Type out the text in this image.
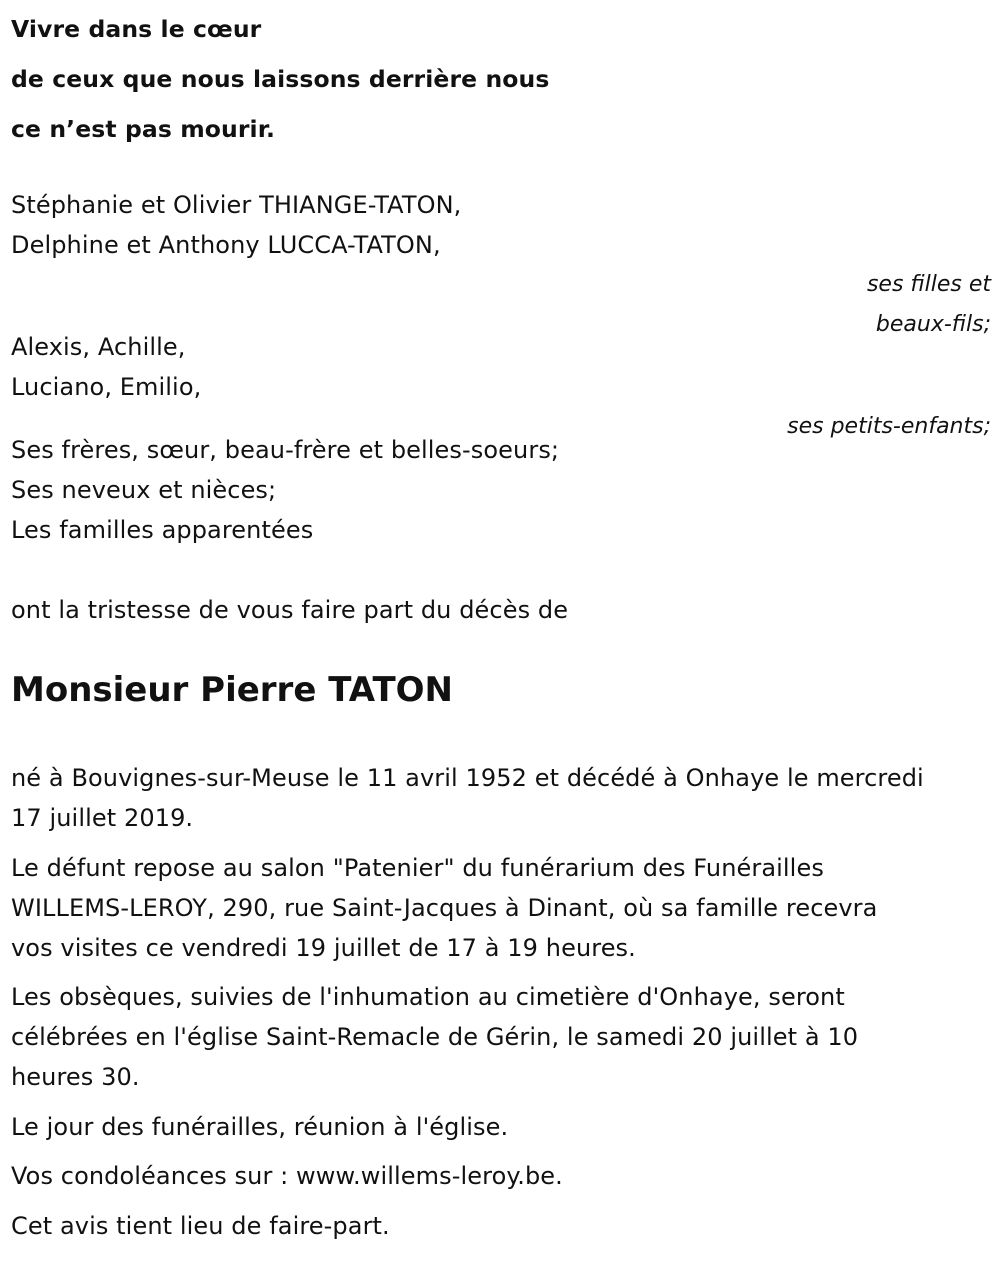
Vivre dans le cœur
de ceux que nous laissons derrière nous
ce n’est pas mourir.
Stéphanie et Olivier THIANGE-TATON,
Delphine et Anthony LUCCA-TATON,
ses filles et
beaux-fils;
Alexis, Achille,
Luciano, Emilio,
ses petits-enfants;
Ses frères, sœur, beau-frère et belles-soeurs;
Ses neveux et nièces;
Les familles apparentées
ont la tristesse de vous faire part du décès de
Monsieur Pierre TATON
né à Bouvignes-sur-Meuse le 11 avril 1952 et décédé à Onhaye le mercredi
17 juillet 2019.
Le défunt repose au salon "Patenier" du funérarium des Funérailles
WILLEMS-LEROY, 290, rue Saint-Jacques à Dinant, où sa famille recevra
vos visites ce vendredi 19 juillet de 17 à 19 heures.
Les obsèques, suivies de l'inhumation au cimetière d'Onhaye, seront
célébrées en l'église Saint-Remacle de Gérin, le samedi 20 juillet à 10
heures 30.
Le jour des funérailles, réunion à l'église.
Vos condoléances sur : www.willems-leroy.be.
Cet avis tient lieu de faire-part.
